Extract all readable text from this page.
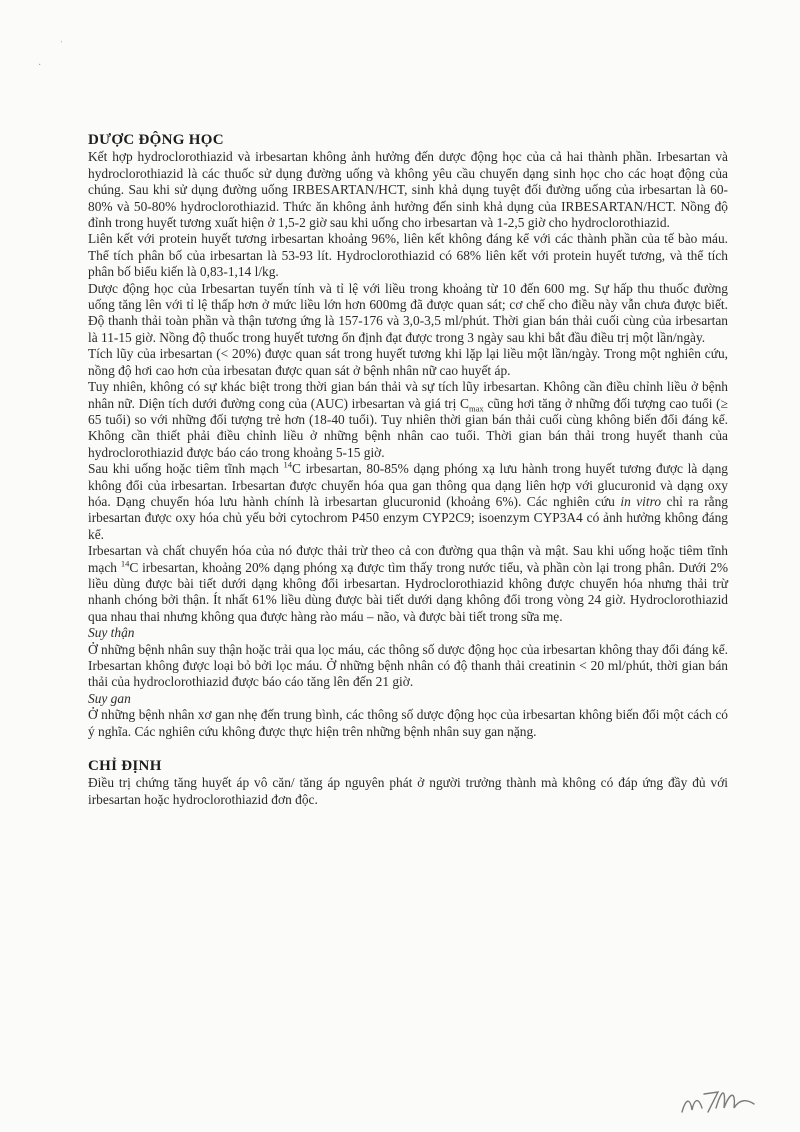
ˈ
·
DƯỢC ĐỘNG HỌC

Kết hợp hydroclorothiazid và irbesartan không ảnh hưởng đến dược động học của cả hai thành phần. Irbesartan và hydroclorothiazid là các thuốc sử dụng đường uống và không yêu cầu chuyển dạng sinh học cho các hoạt động của chúng. Sau khi sử dụng đường uống IRBESARTAN/HCT, sinh khả dụng tuyệt đối đường uống của irbesartan là 60-80% và 50-80% hydroclorothiazid. Thức ăn không ảnh hưởng đến sinh khả dụng của IRBESARTAN/HCT. Nồng độ đỉnh trong huyết tương xuất hiện ở 1,5-2 giờ sau khi uống cho irbesartan và 1-2,5 giờ cho hydroclorothiazid.

Liên kết với protein huyết tương irbesartan khoảng 96%, liên kết không đáng kể với các thành phần của tế bào máu. Thể tích phân bố của irbesartan là 53-93 lít. Hydroclorothiazid có 68% liên kết với protein huyết tương, và thể tích phân bố biểu kiến là 0,83-1,14 l/kg.

Dược động học của Irbesartan tuyến tính và tỉ lệ với liều trong khoảng từ 10 đến 600 mg. Sự hấp thu thuốc đường uống tăng lên với tỉ lệ thấp hơn ở mức liều lớn hơn 600mg đã được quan sát; cơ chế cho điều này vẫn chưa được biết. Độ thanh thải toàn phần và thận tương ứng là 157-176 và 3,0-3,5 ml/phút. Thời gian bán thải cuối cùng của irbesartan là 11-15 giờ. Nồng độ thuốc trong huyết tương ổn định đạt được trong 3 ngày sau khi bắt đầu điều trị một lần/ngày.

Tích lũy của irbesartan (< 20%) được quan sát trong huyết tương khi lặp lại liều một lần/ngày. Trong một nghiên cứu, nồng độ hơi cao hơn của irbesatan được quan sát ở bệnh nhân nữ cao huyết áp.

Tuy nhiên, không có sự khác biệt trong thời gian bán thải và sự tích lũy irbesartan. Không cần điều chỉnh liều ở bệnh nhân nữ. Diện tích dưới đường cong của (AUC) irbesartan và giá trị $C_{max}$ cũng hơi tăng ở những đối tượng cao tuổi (≥ 65 tuổi) so với những đối tượng trẻ hơn (18-40 tuổi). Tuy nhiên thời gian bán thải cuối cùng không biến đổi đáng kể. Không cần thiết phải điều chỉnh liều ở những bệnh nhân cao tuổi. Thời gian bán thải trong huyết thanh của hydroclorothiazid được báo cáo trong khoảng 5-15 giờ.

Sau khi uống hoặc tiêm tĩnh mạch $^{14}$C irbesartan, 80-85% dạng phóng xạ lưu hành trong huyết tương được là dạng không đổi của irbesartan. Irbesartan được chuyển hóa qua gan thông qua dạng liên hợp với glucuronid và dạng oxy hóa. Dạng chuyển hóa lưu hành chính là irbesartan glucuronid (khoảng 6%). Các nghiên cứu in vitro chỉ ra rằng irbesartan được oxy hóa chủ yếu bởi cytochrom P450 enzym CYP2C9; isoenzym CYP3A4 có ảnh hưởng không đáng kể.

Irbesartan và chất chuyển hóa của nó được thải trừ theo cả con đường qua thận và mật. Sau khi uống hoặc tiêm tĩnh mạch $^{14}$C irbesartan, khoảng 20% dạng phóng xạ được tìm thấy trong nước tiểu, và phần còn lại trong phân. Dưới 2% liều dùng được bài tiết dưới dạng không đổi irbesartan. Hydroclorothiazid không được chuyển hóa nhưng thải trừ nhanh chóng bởi thận. Ít nhất 61% liều dùng được bài tiết dưới dạng không đổi trong vòng 24 giờ. Hydroclorothiazid qua nhau thai nhưng không qua được hàng rào máu – não, và được bài tiết trong sữa mẹ.

Suy thận

Ở những bệnh nhân suy thận hoặc trải qua lọc máu, các thông số dược động học của irbesartan không thay đổi đáng kể. Irbesartan không được loại bỏ bởi lọc máu. Ở những bệnh nhân có độ thanh thải creatinin < 20 ml/phút, thời gian bán thải của hydroclorothiazid được báo cáo tăng lên đến 21 giờ.

Suy gan

Ở những bệnh nhân xơ gan nhẹ đến trung bình, các thông số dược động học của irbesartan không biến đổi một cách có ý nghĩa. Các nghiên cứu không được thực hiện trên những bệnh nhân suy gan nặng.

CHỈ ĐỊNH

Điều trị chứng tăng huyết áp vô căn/ tăng áp nguyên phát ở người trưởng thành mà không có đáp ứng đầy đủ với irbesartan hoặc hydroclorothiazid đơn độc.
